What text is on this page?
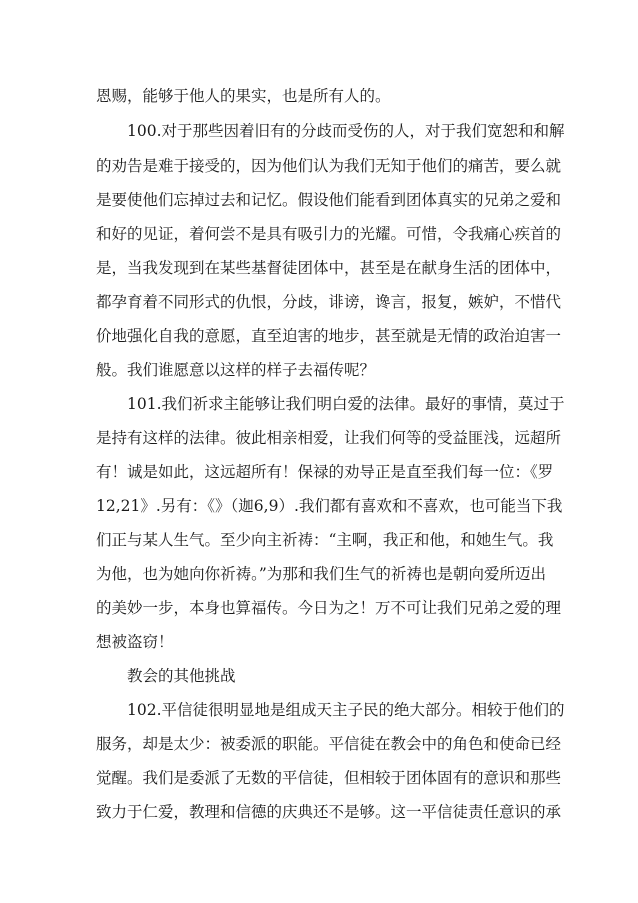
恩赐，能够于他人的果实，也是所有人的。
100.对于那些因着旧有的分歧而受伤的人，对于我们宽恕和和解
的劝告是难于接受的，因为他们认为我们无知于他们的痛苦，要么就
是要使他们忘掉过去和记忆。假设他们能看到团体真实的兄弟之爱和
和好的见证，着何尝不是具有吸引力的光耀。可惜，令我痛心疾首的
是，当我发现到在某些基督徒团体中，甚至是在献身生活的团体中，
都孕育着不同形式的仇恨，分歧，诽谤，谗言，报复，嫉妒，不惜代
价地强化自我的意愿，直至迫害的地步，甚至就是无情的政治迫害一
般。我们谁愿意以这样的样子去福传呢？
101.我们祈求主能够让我们明白爱的法律。最好的事情，莫过于
是持有这样的法律。彼此相亲相爱，让我们何等的受益匪浅，远超所
有！诚是如此，这远超所有！保禄的劝导正是直至我们每一位：《罗
12,21》.另有：《》（迦6,9）.我们都有喜欢和不喜欢，也可能当下我
们正与某人生气。至少向主祈祷：“主啊，我正和他，和她生气。我
为他，也为她向你祈祷。”为那和我们生气的祈祷也是朝向爱所迈出
的美妙一步，本身也算福传。今日为之！万不可让我们兄弟之爱的理
想被盗窃！
教会的其他挑战
102.平信徒很明显地是组成天主子民的绝大部分。相较于他们的
服务，却是太少：被委派的职能。平信徒在教会中的角色和使命已经
觉醒。我们是委派了无数的平信徒，但相较于团体固有的意识和那些
致力于仁爱，教理和信德的庆典还不是够。这一平信徒责任意识的承
